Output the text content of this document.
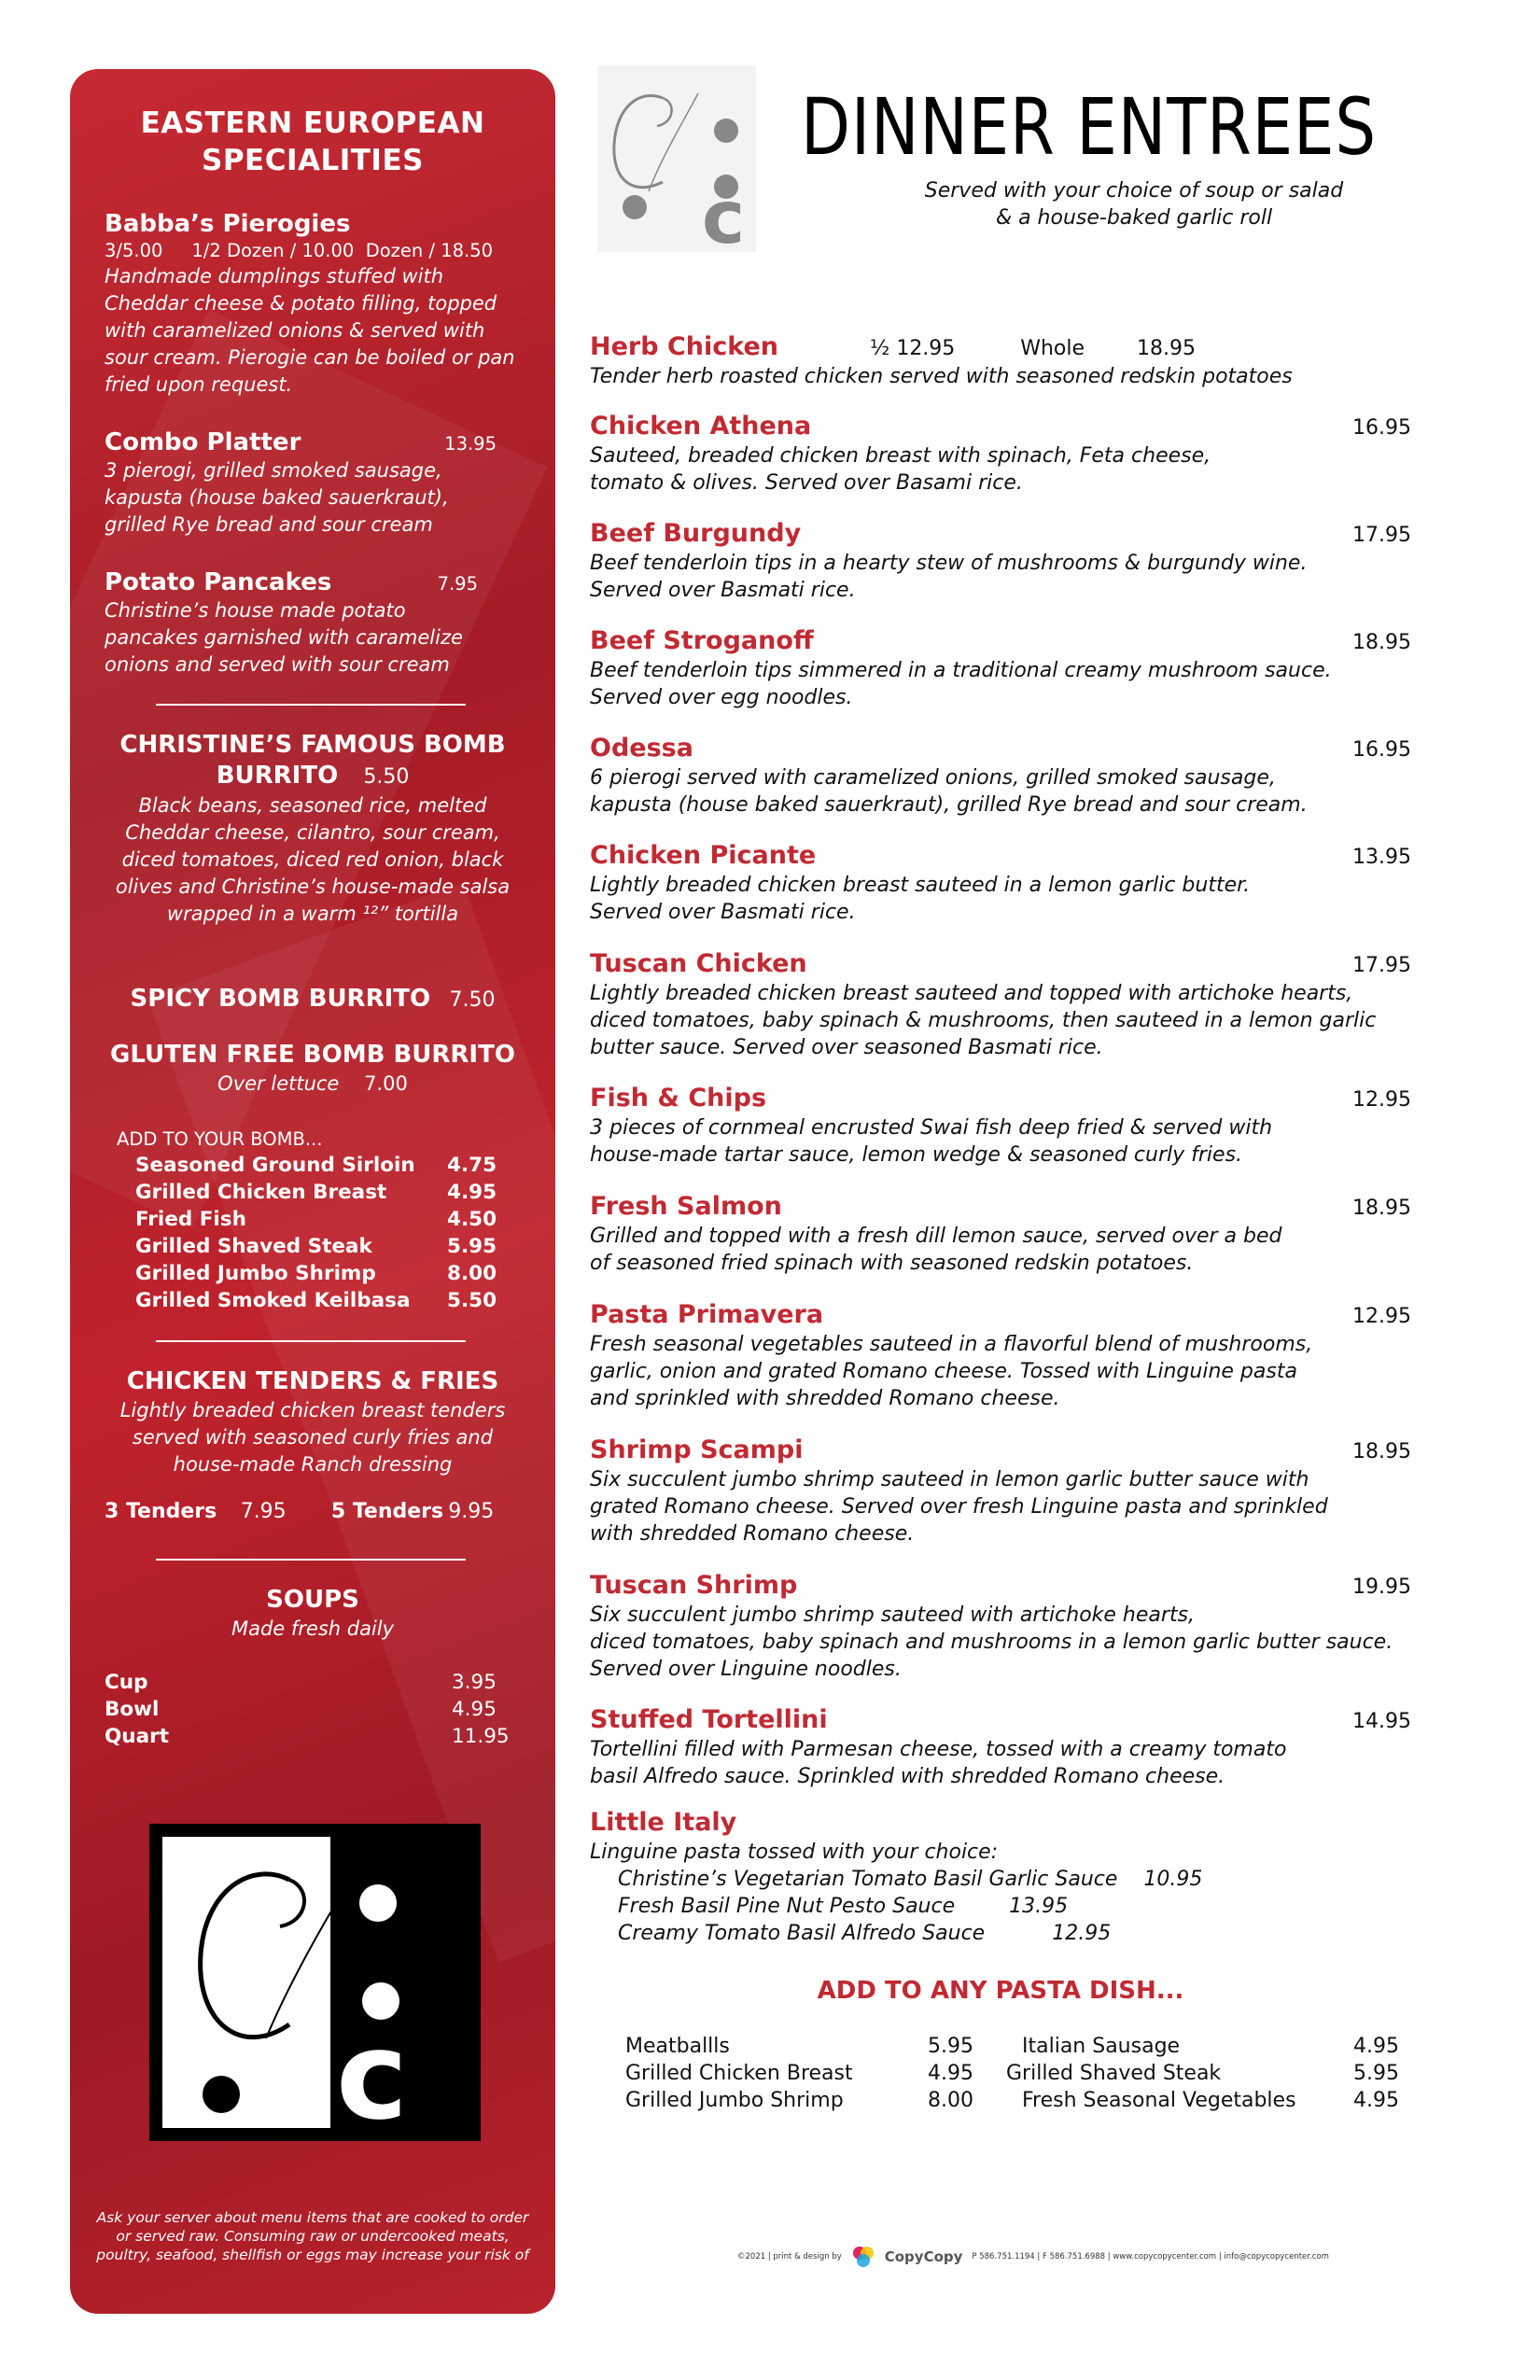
EASTERN EUROPEAN
SPECIALITIES
Babba’s Pierogies
3/5.00     1/2 Dozen / 10.00  Dozen / 18.50
Handmade dumplings stuffed with Cheddar cheese & potato filling, topped with caramelized onions & served with sour cream. Pierogie can be boiled or pan fried upon request.
Combo Platter	13.95
3 pierogi, grilled smoked sausage, kapusta (house baked sauerkraut), grilled Rye bread and sour cream
Potato Pancakes	7.95
Christine’s house made potato pancakes garnished with caramelize onions and served with sour cream
CHRISTINE’S FAMOUS BOMB
BURRITO 5.50
Black beans, seasoned rice, melted Cheddar cheese, cilantro, sour cream, diced tomatoes, diced red onion, black olives and Christine’s house-made salsa wrapped in a warm ¹²” tortilla
SPICY BOMB BURRITO 7.50
GLUTEN FREE BOMB BURRITO
Over lettuce 7.00
ADD TO YOUR BOMB...
Seasoned Ground Sirloin	4.75
Grilled Chicken Breast	4.95
Fried Fish	4.50
Grilled Shaved Steak	5.95
Grilled Jumbo Shrimp	8.00
Grilled Smoked Keilbasa	5.50
CHICKEN TENDERS & FRIES
Lightly breaded chicken breast tenders served with seasoned curly fries and house-made Ranch dressing
3 Tenders 7.95 5 Tenders 9.95
SOUPS
Made fresh daily
Cup	3.95
Bowl	4.95
Quart	11.95
c
Ask your server about menu items that are cooked to order or served raw. Consuming raw or undercooked meats, poultry, seafood, shellfish or eggs may increase your risk of
c
DINNER ENTREES
Served with your choice of soup or salad
& a house-baked garlic roll
Herb Chicken	½ 12.95          Whole        18.95
Tender herb roasted chicken served with seasoned redskin potatoes
Chicken Athena	16.95
Sauteed, breaded chicken breast with spinach, Feta cheese,
tomato & olives. Served over Basami rice.
Beef Burgundy	17.95
Beef tenderloin tips in a hearty stew of mushrooms & burgundy wine.
Served over Basmati rice.
Beef Stroganoff	18.95
Beef tenderloin tips simmered in a traditional creamy mushroom sauce.
Served over egg noodles.
Odessa	16.95
6 pierogi served with caramelized onions, grilled smoked sausage,
kapusta (house baked sauerkraut), grilled Rye bread and sour cream.
Chicken Picante	13.95
Lightly breaded chicken breast sauteed in a lemon garlic butter.
Served over Basmati rice.
Tuscan Chicken	17.95
Lightly breaded chicken breast sauteed and topped with artichoke hearts,
diced tomatoes, baby spinach & mushrooms, then sauteed in a lemon garlic
butter sauce. Served over seasoned Basmati rice.
Fish & Chips	12.95
3 pieces of cornmeal encrusted Swai fish deep fried & served with
house-made tartar sauce, lemon wedge & seasoned curly fries.
Fresh Salmon	18.95
Grilled and topped with a fresh dill lemon sauce, served over a bed
of seasoned fried spinach with seasoned redskin potatoes.
Pasta Primavera	12.95
Fresh seasonal vegetables sauteed in a flavorful blend of mushrooms,
garlic, onion and grated Romano cheese. Tossed with Linguine pasta
and sprinkled with shredded Romano cheese.
Shrimp Scampi	18.95
Six succulent jumbo shrimp sauteed in lemon garlic butter sauce with
grated Romano cheese. Served over fresh Linguine pasta and sprinkled
with shredded Romano cheese.
Tuscan Shrimp	19.95
Six succulent jumbo shrimp sauteed with artichoke hearts,
diced tomatoes, baby spinach and mushrooms in a lemon garlic butter sauce.
Served over Linguine noodles.
Stuffed Tortellini	14.95
Tortellini filled with Parmesan cheese, tossed with a creamy tomato
basil Alfredo sauce. Sprinkled with shredded Romano cheese.
Little Italy
Linguine pasta tossed with your choice:
Christine’s Vegetarian Tomato Basil Garlic Sauce 10.95
Fresh Basil Pine Nut Pesto Sauce	13.95
Creamy Tomato Basil Alfredo Sauce	12.95
ADD TO ANY PASTA DISH...
Meatballls	5.95
Grilled Chicken Breast	4.95
Grilled Jumbo Shrimp	8.00
Italian Sausage	4.95
Grilled Shaved Steak	5.95
Fresh Seasonal Vegetables	4.95
©2021 | print & design by	CopyCopy P 586.751.1194 | F 586.751.6988 | www.copycopycenter.com | info@copycopycenter.com
